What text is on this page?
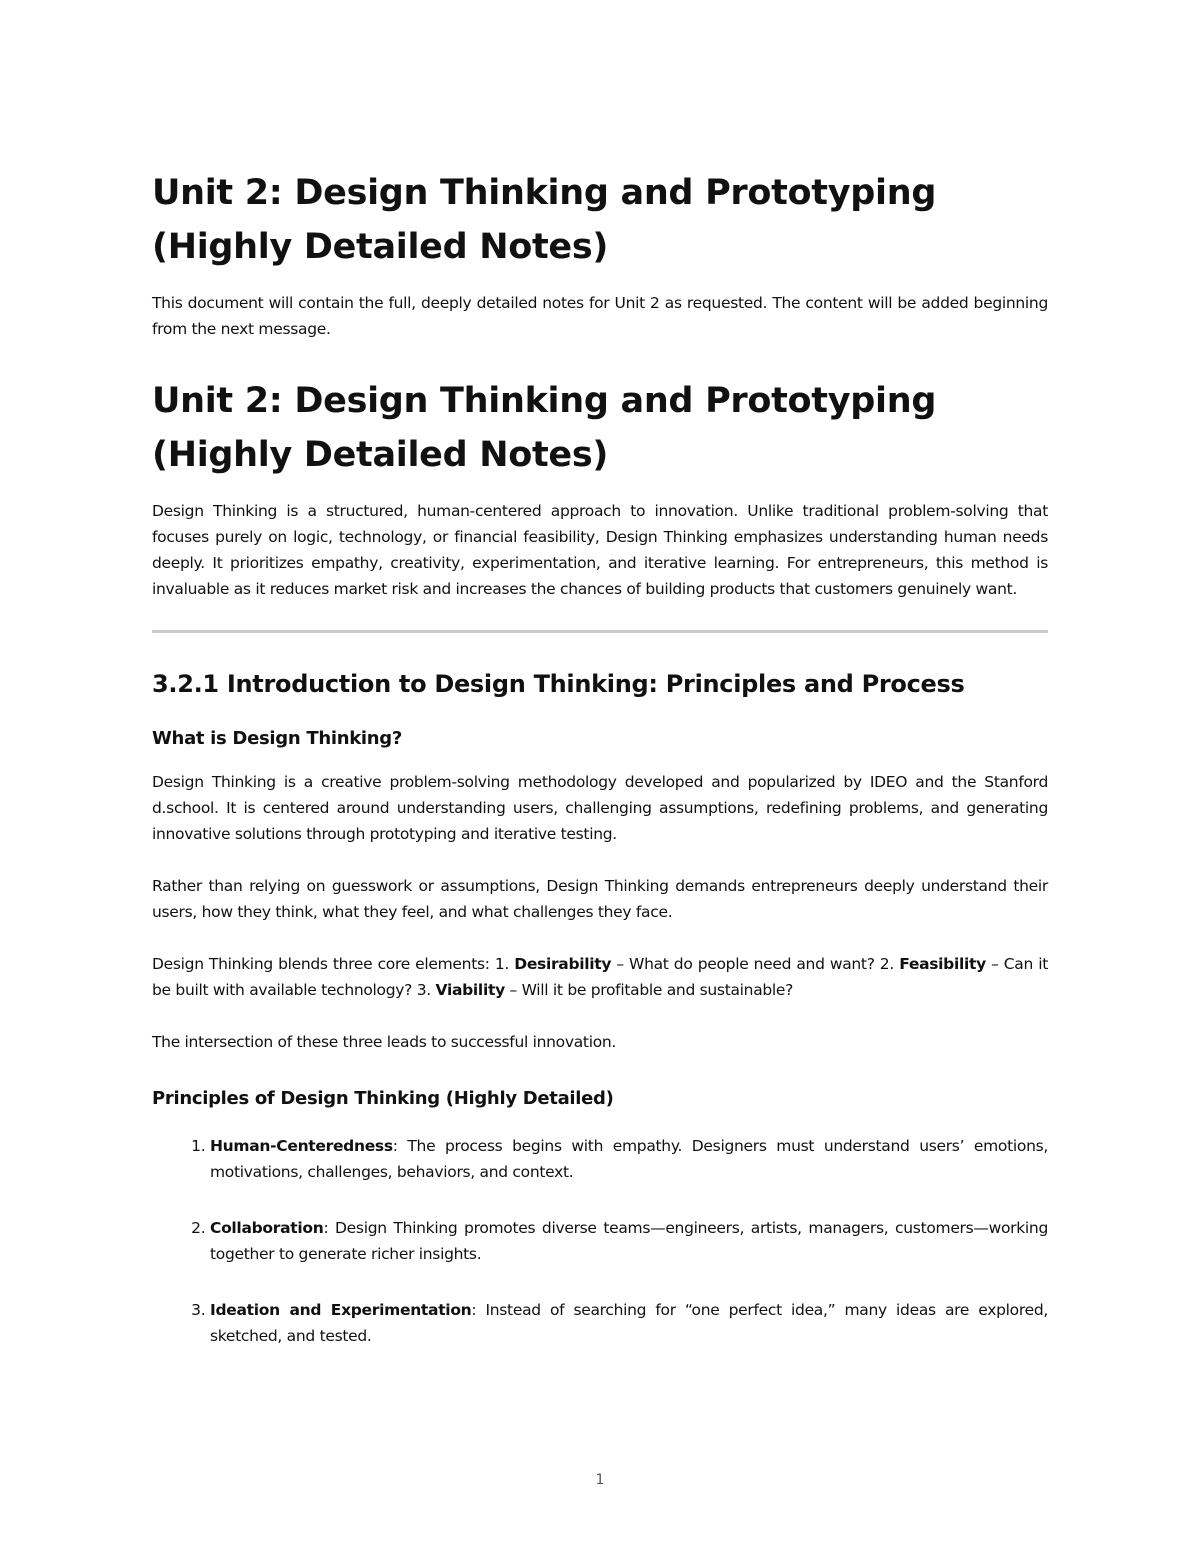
Unit 2: Design Thinking and Prototyping (Highly Detailed Notes)

This document will contain the full, deeply detailed notes for Unit 2 as requested. The content will be added beginning from the next message.

Unit 2: Design Thinking and Prototyping (Highly Detailed Notes)

Design Thinking is a structured, human-centered approach to innovation. Unlike traditional problem-solving that focuses purely on logic, technology, or financial feasibility, Design Thinking emphasizes understanding human needs deeply. It prioritizes empathy, creativity, experimentation, and iterative learning. For entrepreneurs, this method is invaluable as it reduces market risk and increases the chances of building products that customers genuinely want.

3.2.1 Introduction to Design Thinking: Principles and Process
What is Design Thinking?

Design Thinking is a creative problem-solving methodology developed and popularized by IDEO and the Stanford d.school. It is centered around understanding users, challenging assumptions, redefining problems, and generating innovative solutions through prototyping and iterative testing.

Rather than relying on guesswork or assumptions, Design Thinking demands entrepreneurs deeply understand their users, how they think, what they feel, and what challenges they face.

Design Thinking blends three core elements: 1. Desirability – What do people need and want? 2. Feasibility – Can it be built with available technology? 3. Viability – Will it be profitable and sustainable?

The intersection of these three leads to successful innovation.

Principles of Design Thinking (Highly Detailed)
1. Human-Centeredness: The process begins with empathy. Designers must understand users’ emotions, motivations, challenges, behaviors, and context.
2. Collaboration: Design Thinking promotes diverse teams—engineers, artists, managers, customers—working together to generate richer insights.
3. Ideation and Experimentation: Instead of searching for “one perfect idea,” many ideas are explored, sketched, and tested.
1
